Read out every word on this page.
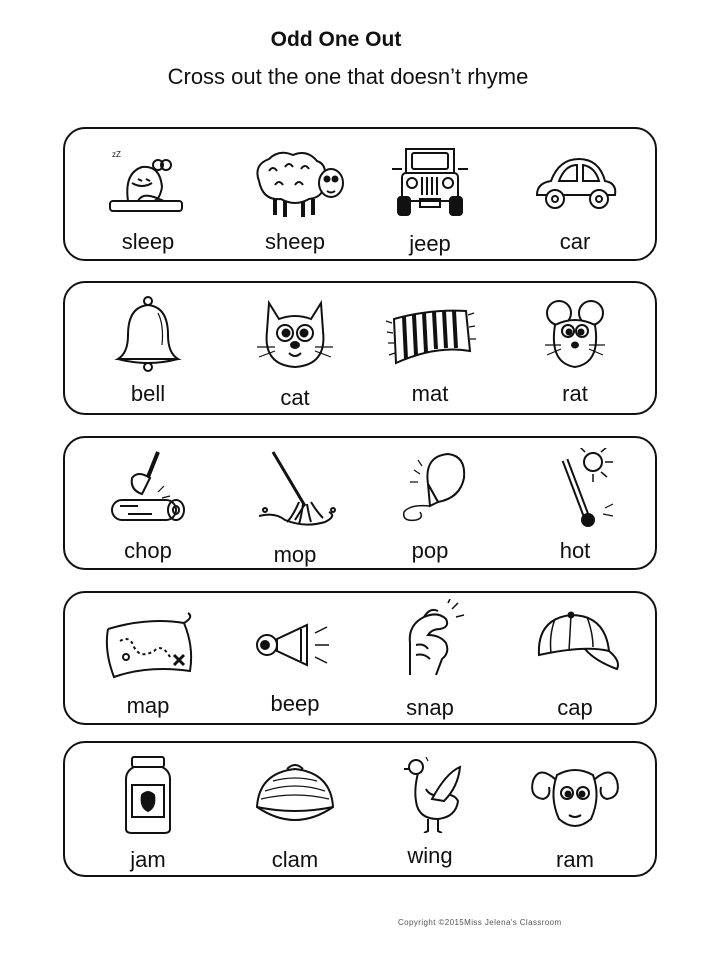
Odd One Out
Cross out the one that doesn’t rhyme
zZ
sleep	sheep	jeep	car
bell	cat	mat	rat
chop	mop	pop	hot
map	beep	snap	cap
jam	clam	wing	ram
Copyright ©2015Miss Jelena's Classroom
